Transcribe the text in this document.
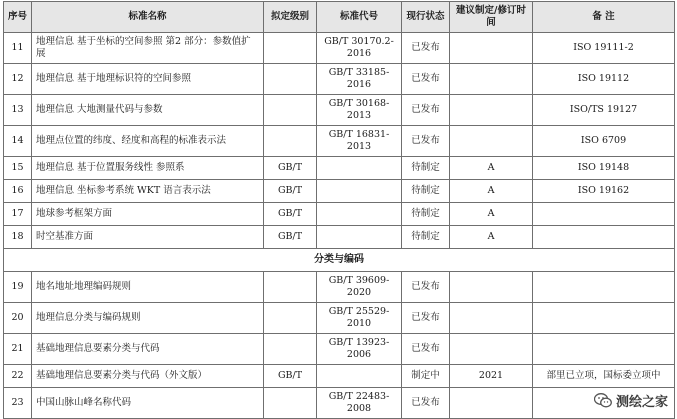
序号	标准名称	拟定级别	标准代号	现行状态	建议制定/修订时间	备 注
11	地理信息 基于坐标的空间参照 第2 部分：参数值扩展		GB/T 30170.2-2016	已发布		ISO 19111-2
12	地理信息 基于地理标识符的空间参照		GB/T 33185-2016	已发布		ISO 19112
13	地理信息 大地测量代码与参数		GB/T 30168-2013	已发布		ISO/TS 19127
14	地理点位置的纬度、经度和高程的标准表示法		GB/T 16831-2013	已发布		ISO 6709
15	地理信息 基于位置服务线性 参照系	GB/T		待制定	A	ISO 19148
16	地理信息 坐标参考系统 WKT 语言表示法	GB/T		待制定	A	ISO 19162
17	地球参考框架方面	GB/T		待制定	A	
18	时空基准方面	GB/T		待制定	A	
分类与编码						
19	地名地址地理编码规则		GB/T 39609-2020	已发布		
20	地理信息分类与编码规则		GB/T 25529-2010	已发布		
21	基础地理信息要素分类与代码		GB/T 13923-2006	已发布		
22	基础地理信息要素分类与代码（外文版）	GB/T		制定中	2021	部里已立项，国标委立项中
23	中国山脉山峰名称代码		GB/T 22483-2008	已发布			测绘之家
